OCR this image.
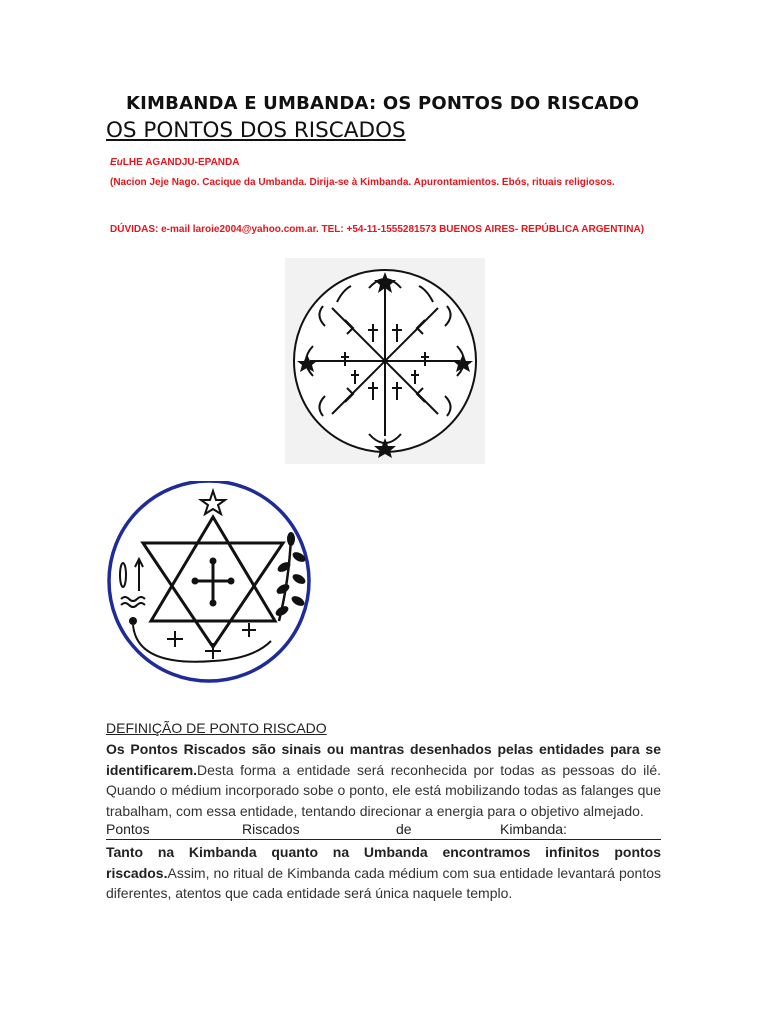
KIMBANDA E UMBANDA: OS PONTOS DO RISCADO
OS PONTOS DOS RISCADOS
EuLHE AGANDJU-EPANDA
(Nacion Jeje Nago. Cacique da Umbanda. Dirija-se à Kimbanda. Apurontamientos. Ebós, rituais religiosos.
DÚVIDAS: e-mail laroie2004@yahoo.com.ar. TEL: +54-11-1555281573 BUENOS AIRES- REPÚBLICA ARGENTINA)
DEFINIÇÃO DE PONTO RISCADO
Os Pontos Riscados são sinais ou mantras desenhados pelas entidades para se identificarem.Desta forma a entidade será reconhecida por todas as pessoas do ilé. Quando o médium incorporado sobe o ponto, ele está mobilizando todas as falanges que trabalham, com essa entidade, tentando direcionar a energia para o objetivo almejado.
Pontos	Riscados	de	Kimbanda:
Tanto na Kimbanda quanto na Umbanda encontramos infinitos pontos riscados.Assim, no ritual de Kimbanda cada médium com sua entidade levantará pontos diferentes, atentos que cada entidade será única naquele templo.
